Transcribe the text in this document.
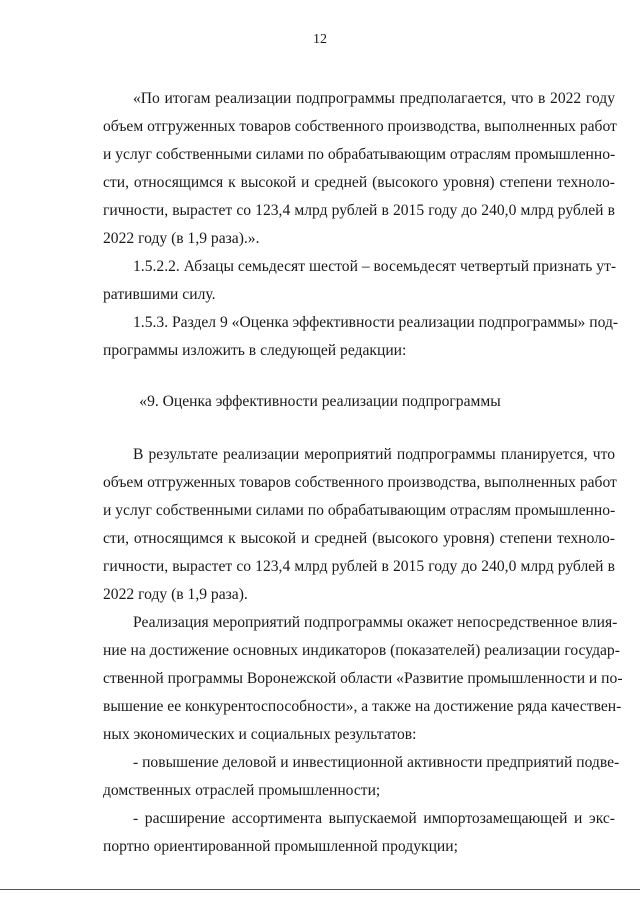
12
«По итогам реализации подпрограммы предполагается, что в 2022 году
объем отгруженных товаров собственного производства, выполненных работ
и услуг собственными силами по обрабатывающим отраслям промышленно-
сти, относящимся к высокой и средней (высокого уровня) степени техноло-
гичности, вырастет со 123,4 млрд рублей в 2015 году до 240,0 млрд рублей в
2022 году (в 1,9 раза).».
1.5.2.2. Абзацы семьдесят шестой – восемьдесят четвертый признать ут-
ратившими силу.
1.5.3. Раздел 9 «Оценка эффективности реализации подпрограммы» под-
программы изложить в следующей редакции:
«9. Оценка эффективности реализации подпрограммы
В результате реализации мероприятий подпрограммы планируется, что
объем отгруженных товаров собственного производства, выполненных работ
и услуг собственными силами по обрабатывающим отраслям промышленно-
сти, относящимся к высокой и средней (высокого уровня) степени техноло-
гичности, вырастет со 123,4 млрд рублей в 2015 году до 240,0 млрд рублей в
2022 году (в 1,9 раза).
Реализация мероприятий подпрограммы окажет непосредственное влия-
ние на достижение основных индикаторов (показателей) реализации государ-
ственной программы Воронежской области «Развитие промышленности и по-
вышение ее конкурентоспособности», а также на достижение ряда качествен-
ных экономических и социальных результатов:
- повышение деловой и инвестиционной активности предприятий подве-
домственных отраслей промышленности;
- расширение ассортимента выпускаемой импортозамещающей и экс-
портно ориентированной промышленной продукции;
